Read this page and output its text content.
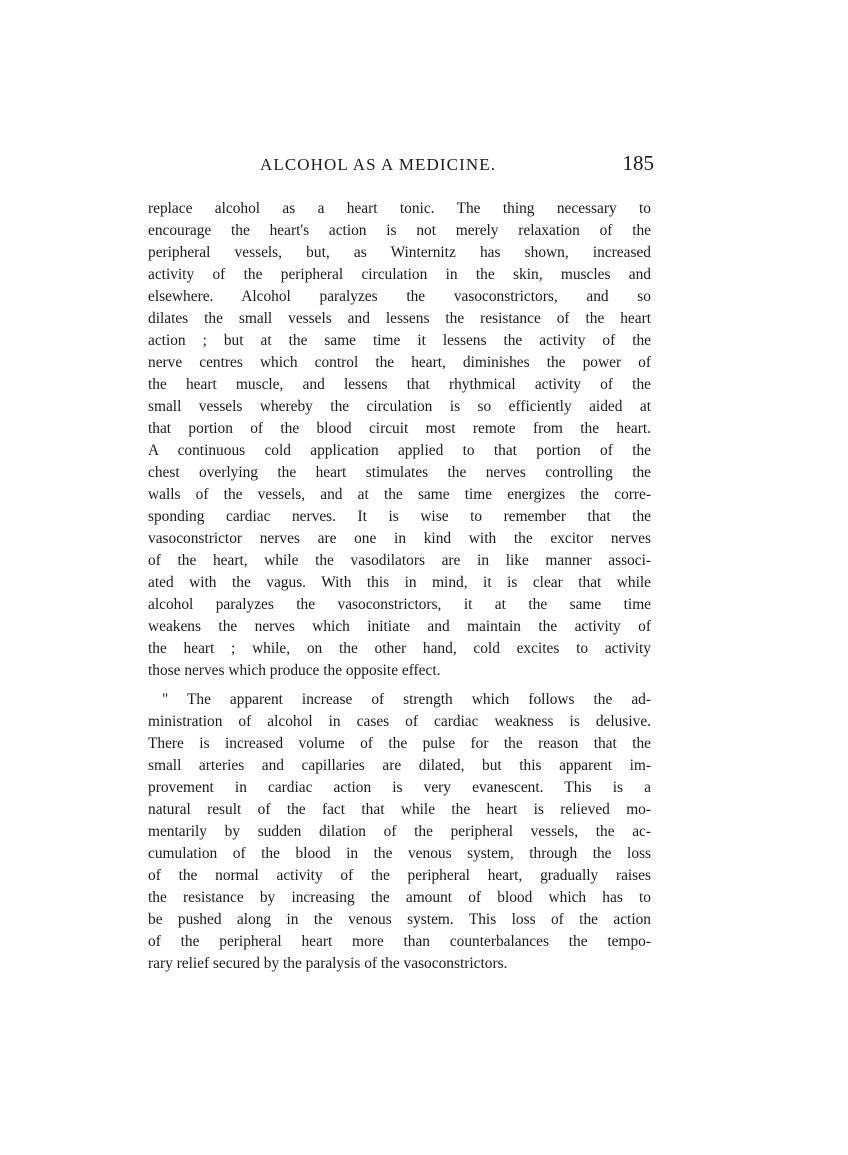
ALCOHOL AS A MEDICINE.	185

replace alcohol as a heart tonic. The thing necessary to
encourage the heart's action is not merely relaxation of the
peripheral vessels, but, as Winternitz has shown, increased
activity of the peripheral circulation in the skin, muscles and
elsewhere. Alcohol paralyzes the vasoconstrictors, and so
dilates the small vessels and lessens the resistance of the heart
action ; but at the same time it lessens the activity of the
nerve centres which control the heart, diminishes the power of
the heart muscle, and lessens that rhythmical activity of the
small vessels whereby the circulation is so efficiently aided at
that portion of the blood circuit most remote from the heart.
A continuous cold application applied to that portion of the
chest overlying the heart stimulates the nerves controlling the
walls of the vessels, and at the same time energizes the corre-
sponding cardiac nerves. It is wise to remember that the
vasoconstrictor nerves are one in kind with the excitor nerves
of the heart, while the vasodilators are in like manner associ-
ated with the vagus. With this in mind, it is clear that while
alcohol paralyzes the vasoconstrictors, it at the same time
weakens the nerves which initiate and maintain the activity of
the heart ; while, on the other hand, cold excites to activity
those nerves which produce the opposite effect.

" The apparent increase of strength which follows the ad-
ministration of alcohol in cases of cardiac weakness is delusive.
There is increased volume of the pulse for the reason that the
small arteries and capillaries are dilated, but this apparent im-
provement in cardiac action is very evanescent. This is a
natural result of the fact that while the heart is relieved mo-
mentarily by sudden dilation of the peripheral vessels, the ac-
cumulation of the blood in the venous system, through the loss
of the normal activity of the peripheral heart, gradually raises
the resistance by increasing the amount of blood which has to
be pushed along in the venous system. This loss of the action
of the peripheral heart more than counterbalances the tempo-
rary relief secured by the paralysis of the vasoconstrictors.
